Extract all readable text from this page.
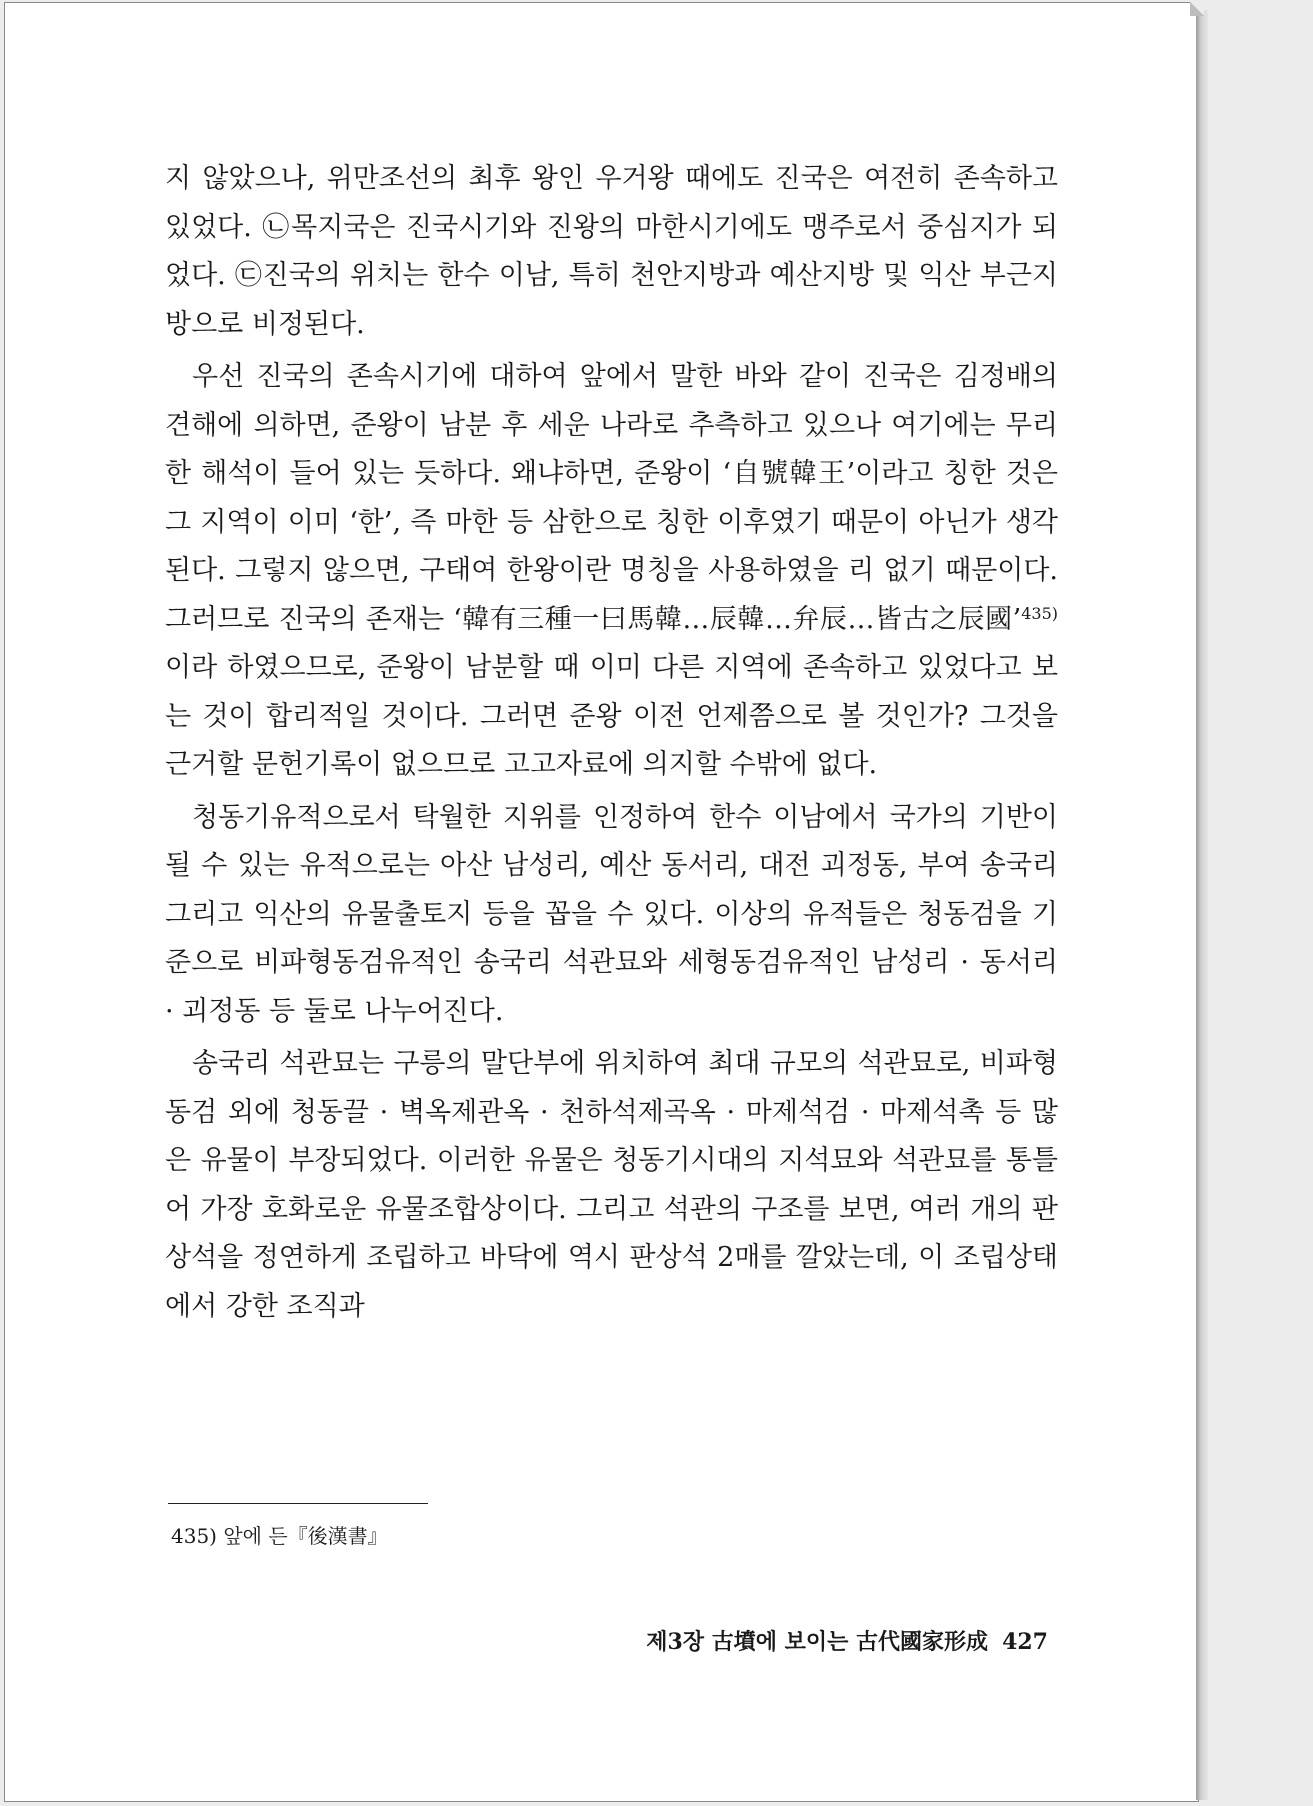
지 않았으나, 위만조선의 최후 왕인 우거왕 때에도 진국은 여전히 존속하고 있었다. ㉡목지국은 진국시기와 진왕의 마한시기에도 맹주로서 중심지가 되었다. ㉢진국의 위치는 한수 이남, 특히 천안지방과 예산지방 및 익산 부근지방으로 비정된다.

우선 진국의 존속시기에 대하여 앞에서 말한 바와 같이 진국은 김정배의 견해에 의하면, 준왕이 남분 후 세운 나라로 추측하고 있으나 여기에는 무리한 해석이 들어 있는 듯하다. 왜냐하면, 준왕이 ‘自號韓王’이라고 칭한 것은 그 지역이 이미 ‘한’, 즉 마한 등 삼한으로 칭한 이후였기 때문이 아닌가 생각된다. 그렇지 않으면, 구태여 한왕이란 명칭을 사용하였을 리 없기 때문이다. 그러므로 진국의 존재는 ‘韓有三種一曰馬韓…辰韓…弁辰…皆古之辰國’$^{435)}$ 이라 하였으므로, 준왕이 남분할 때 이미 다른 지역에 존속하고 있었다고 보는 것이 합리적일 것이다. 그러면 준왕 이전 언제쯤으로 볼 것인가? 그것을 근거할 문헌기록이 없으므로 고고자료에 의지할 수밖에 없다.

청동기유적으로서 탁월한 지위를 인정하여 한수 이남에서 국가의 기반이 될 수 있는 유적으로는 아산 남성리, 예산 동서리, 대전 괴정동, 부여 송국리 그리고 익산의 유물출토지 등을 꼽을 수 있다. 이상의 유적들은 청동검을 기준으로 비파형동검유적인 송국리 석관묘와 세형동검유적인 남성리 · 동서리 · 괴정동 등 둘로 나누어진다.

송국리 석관묘는 구릉의 말단부에 위치하여 최대 규모의 석관묘로, 비파형동검 외에 청동끌 · 벽옥제관옥 · 천하석제곡옥 · 마제석검 · 마제석촉 등 많은 유물이 부장되었다. 이러한 유물은 청동기시대의 지석묘와 석관묘를 통틀어 가장 호화로운 유물조합상이다. 그리고 석관의 구조를 보면, 여러 개의 판상석을 정연하게 조립하고 바닥에 역시 판상석 2매를 깔았는데, 이 조립상태에서 강한 조직과

435) 앞에 든『後漢書』
제3장 古墳에 보이는 古代國家形成 427
